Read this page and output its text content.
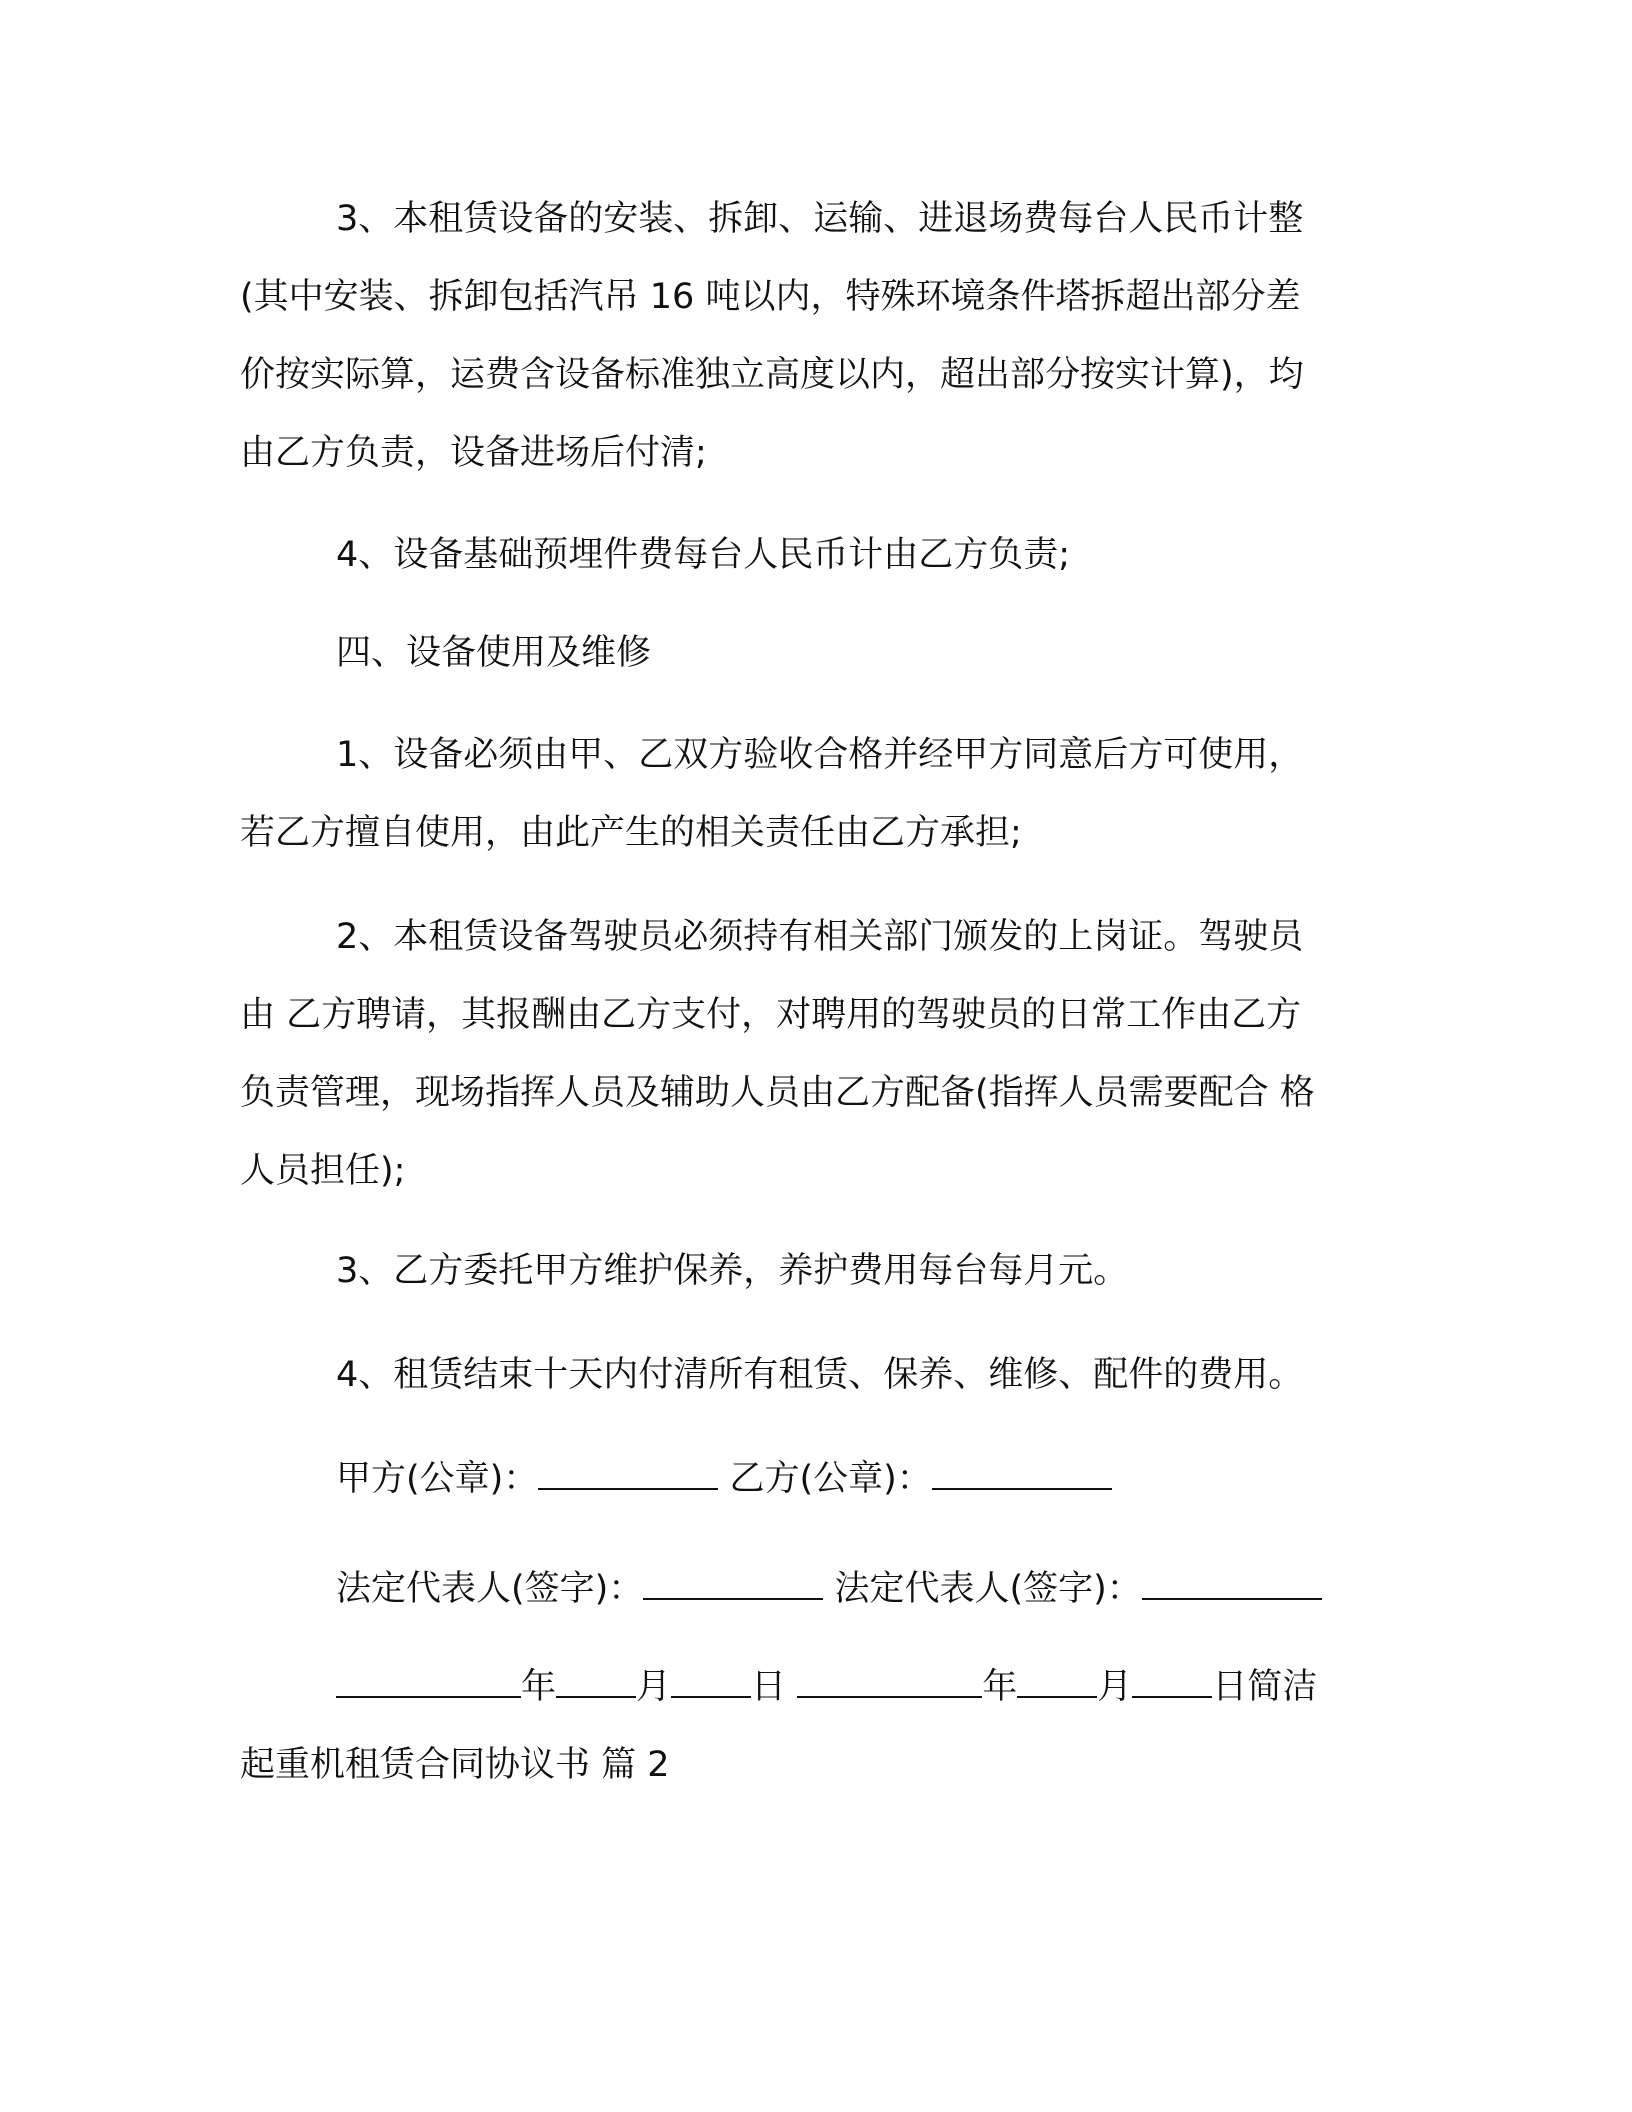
3、本租赁设备的安装、拆卸、运输、进退场费每台人民币计整
(其中安装、拆卸包括汽吊 16 吨以内，特殊环境条件塔拆超出部分差
价按实际算，运费含设备标准独立高度以内，超出部分按实计算)，均
由乙方负责，设备进场后付清;
4、设备基础预埋件费每台人民币计由乙方负责;
四、设备使用及维修
1、设备必须由甲、乙双方验收合格并经甲方同意后方可使用，
若乙方擅自使用，由此产生的相关责任由乙方承担;
2、本租赁设备驾驶员必须持有相关部门颁发的上岗证。驾驶员
由 乙方聘请，其报酬由乙方支付，对聘用的驾驶员的日常工作由乙方
负责管理，现场指挥人员及辅助人员由乙方配备(指挥人员需要配合 格
人员担任);
3、乙方委托甲方维护保养，养护费用每台每月元。
4、租赁结束十天内付清所有租赁、保养、维修、配件的费用。
甲方(公章)：	乙方(公章)：
法定代表人(签字)：	法定代表人(签字)：
年 月 日	年 月 日简洁
起重机租赁合同协议书 篇 2
